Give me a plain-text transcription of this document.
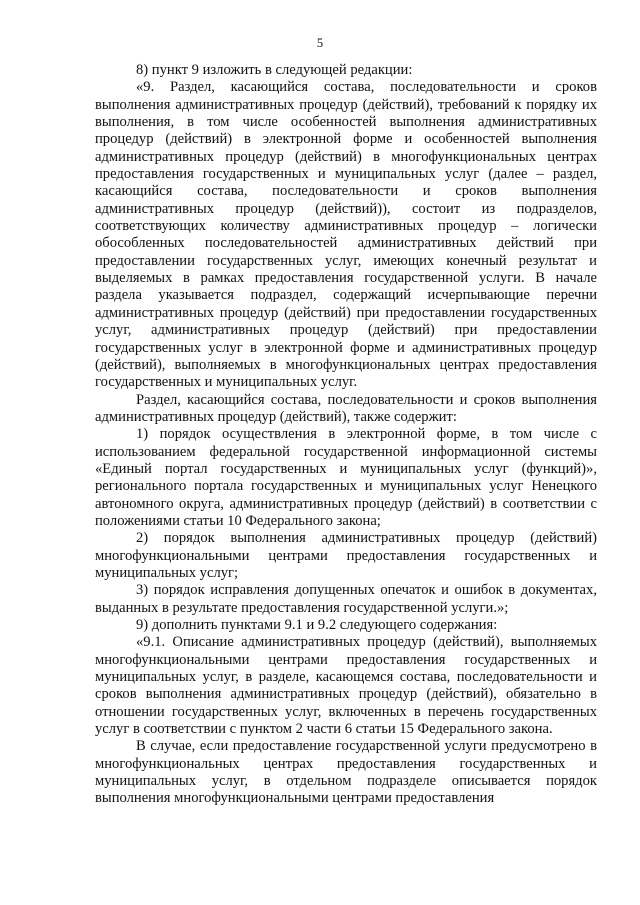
5

8) пункт 9 изложить в следующей редакции:

«9. Раздел, касающийся состава, последовательности и сроков выполнения административных процедур (действий), требований к порядку их выполнения, в том числе особенностей выполнения административных процедур (действий) в электронной форме и особенностей выполнения административных процедур (действий) в многофункциональных центрах предоставления государственных и муниципальных услуг (далее – раздел, касающийся состава, последовательности и сроков выполнения административных процедур (действий)), состоит из подразделов, соответствующих количеству административных процедур – логически обособленных последовательностей административных действий при предоставлении государственных услуг, имеющих конечный результат и выделяемых в рамках предоставления государственной услуги. В начале раздела указывается подраздел, содержащий исчерпывающие перечни административных процедур (действий) при предоставлении государственных услуг, административных процедур (действий) при предоставлении государственных услуг в электронной форме и административных процедур (действий), выполняемых в многофункциональных центрах предоставления государственных и муниципальных услуг.

Раздел, касающийся состава, последовательности и сроков выполнения административных процедур (действий), также содержит:

1) порядок осуществления в электронной форме, в том числе с использованием федеральной государственной информационной системы «Единый портал государственных и муниципальных услуг (функций)», регионального портала государственных и муниципальных услуг Ненецкого автономного округа, административных процедур (действий) в соответствии с положениями статьи 10 Федерального закона;

2) порядок выполнения административных процедур (действий) многофункциональными центрами предоставления государственных и муниципальных услуг;

3) порядок исправления допущенных опечаток и ошибок в документах, выданных в результате предоставления государственной услуги.»;

9) дополнить пунктами 9.1 и 9.2 следующего содержания:

«9.1. Описание административных процедур (действий), выполняемых многофункциональными центрами предоставления государственных и муниципальных услуг, в разделе, касающемся состава, последовательности и сроков выполнения административных процедур (действий), обязательно в отношении государственных услуг, включенных в перечень государственных услуг в соответствии с пунктом 2 части 6 статьи 15 Федерального закона.

В случае, если предоставление государственной услуги предусмотрено в многофункциональных центрах предоставления государственных и муниципальных услуг, в отдельном подразделе описывается порядок выполнения многофункциональными центрами предоставления
